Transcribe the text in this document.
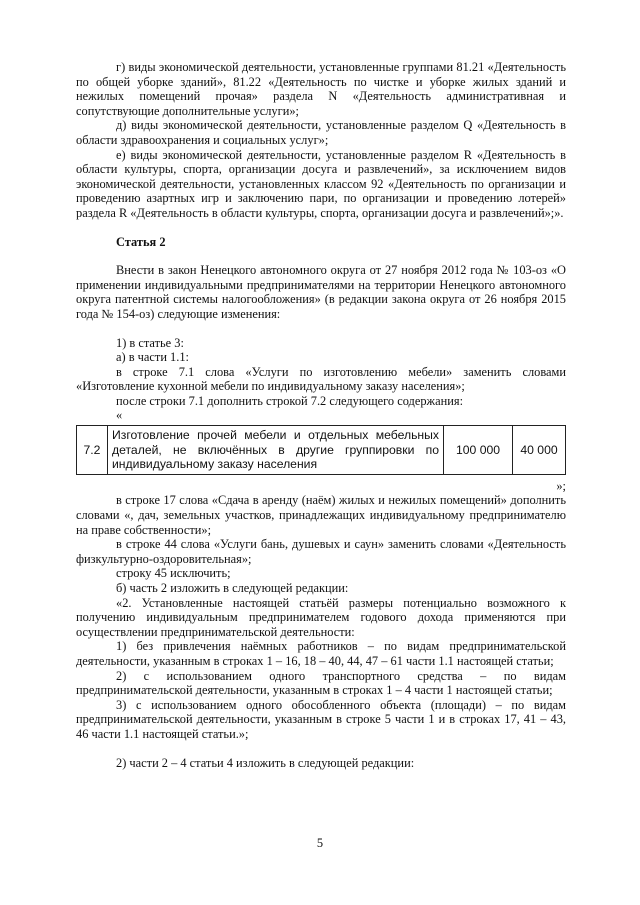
г) виды экономической деятельности, установленные группами 81.21 «Деятельность по общей уборке зданий», 81.22 «Деятельность по чистке и уборке жилых зданий и нежилых помещений прочая» раздела N «Деятельность административная и сопутствующие дополнительные услуги»;

д) виды экономической деятельности, установленные разделом Q «Деятельность в области здравоохранения и социальных услуг»;

е) виды экономической деятельности, установленные разделом R «Деятельность в области культуры, спорта, организации досуга и развлечений», за исключением видов экономической деятельности, установленных классом 92 «Деятельность по организации и проведению азартных игр и заключению пари, по организации и проведению лотерей» раздела R «Деятельность в области культуры, спорта, организации досуга и развлечений»;».

Статья 2

Внести в закон Ненецкого автономного округа от 27 ноября 2012 года № 103-оз «О применении индивидуальными предпринимателями на территории Ненецкого автономного округа патентной системы налогообложения» (в редакции закона округа от 26 ноября 2015 года № 154-оз) следующие изменения:

1) в статье 3:

а) в части 1.1:

в строке 7.1 слова «Услуги по изготовлению мебели» заменить словами «Изготовление кухонной мебели по индивидуальному заказу населения»;

после строки 7.1 дополнить строкой 7.2 следующего содержания:

«

7.2	Изготовление прочей мебели и отдельных мебельных деталей, не включённых в другие группировки по индивидуальному заказу населения	100 000	40 000

»;

в строке 17 слова «Сдача в аренду (наём) жилых и нежилых помещений» дополнить словами «, дач, земельных участков, принадлежащих индивидуальному предпринимателю на праве собственности»;

в строке 44 слова «Услуги бань, душевых и саун» заменить словами «Деятельность физкультурно-оздоровительная»;

строку 45 исключить;

б) часть 2 изложить в следующей редакции:

«2. Установленные настоящей статьёй размеры потенциально возможного к получению индивидуальным предпринимателем годового дохода применяются при осуществлении предпринимательской деятельности:

1) без привлечения наёмных работников – по видам предпринимательской деятельности, указанным в строках 1 – 16, 18 – 40, 44, 47 – 61 части 1.1 настоящей статьи;

2) с использованием одного транспортного средства – по видам предпринимательской деятельности, указанным в строках 1 – 4 части 1 настоящей статьи;

3) с использованием одного обособленного объекта (площади) – по видам предпринимательской деятельности, указанным в строке 5 части 1 и в строках 17, 41 – 43, 46 части 1.1 настоящей статьи.»;

2) части 2 – 4 статьи 4 изложить в следующей редакции:

5
